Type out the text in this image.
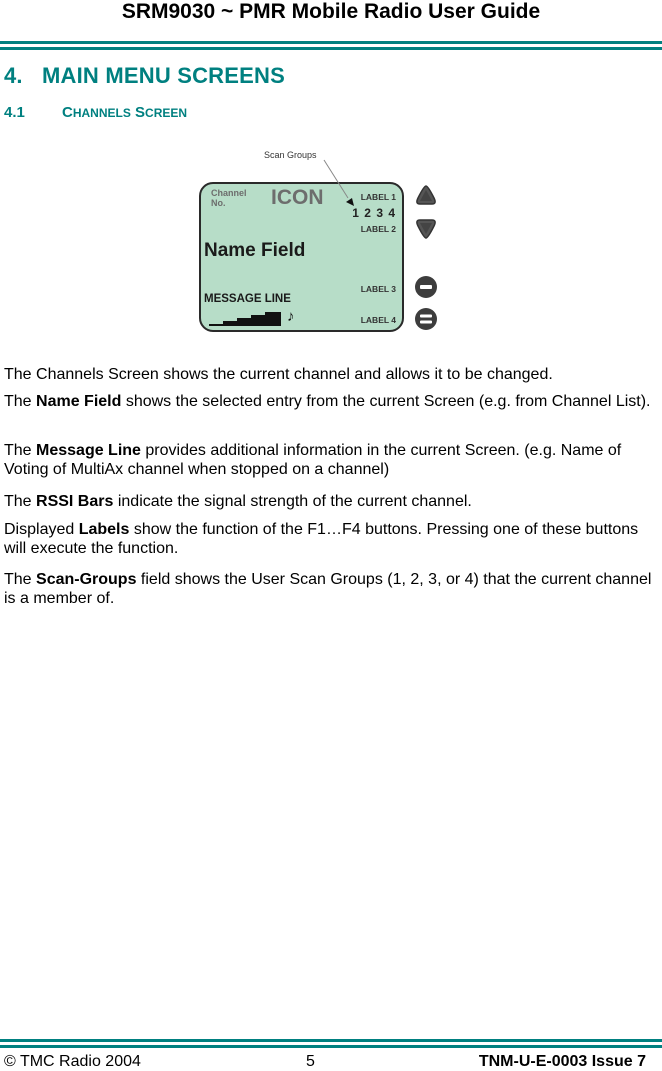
SRM9030 ~ PMR Mobile Radio User Guide
4. MAIN MENU SCREENS
4.1 CHANNELS SCREEN
Scan Groups
Channel
No.	ICON	LABEL 1
1 2 3 4
LABEL 2
Name Field
LABEL 3
MESSAGE LINE
♪	LABEL 4
The Channels Screen shows the current channel and allows it to be changed.
The Name Field shows the selected entry from the current Screen (e.g. from Channel List).
The Message Line provides additional information in the current Screen. (e.g. Name of Voting of MultiAx channel when stopped on a channel)
The RSSI Bars indicate the signal strength of the current channel.
Displayed Labels show the function of the F1…F4 buttons. Pressing one of these buttons will execute the function.
The Scan-Groups field shows the User Scan Groups (1, 2, 3, or 4) that the current channel is a member of.
© TMC Radio 2004	5	TNM-U-E-0003 Issue 7
